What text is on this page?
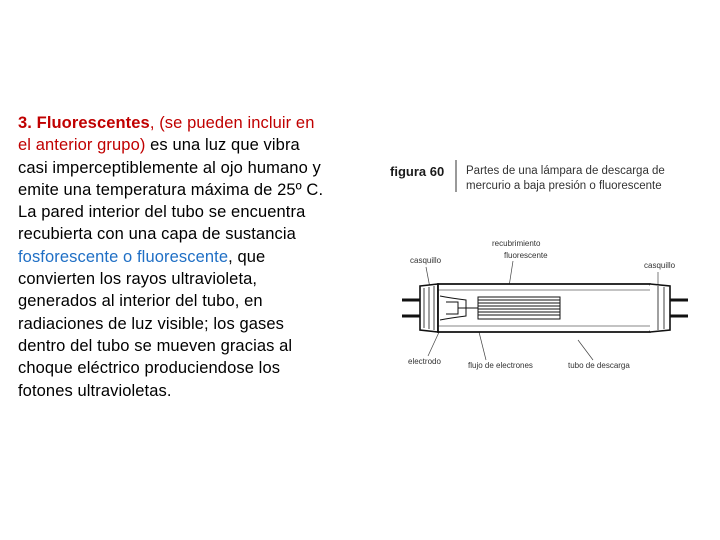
3. Fluorescentes, (se pueden incluir en
el anterior grupo) es una luz que vibra
casi imperceptiblemente al ojo humano y
emite una temperatura máxima de 25º C.
La pared interior del tubo se encuentra
recubierta con una capa de sustancia
fosforescente o fluorescente, que
convierten los rayos ultravioleta,
generados al interior del tubo, en
radiaciones de luz visible; los gases
dentro del tubo se mueven gracias al
choque eléctrico produciendose los
fotones ultravioletas.
figura 60 Partes de una lámpara de descarga de
mercurio a baja presión o fluorescente
recubrimiento
fluorescente
casquillo
casquillo
electrodo	flujo de electrones	tubo de descarga
